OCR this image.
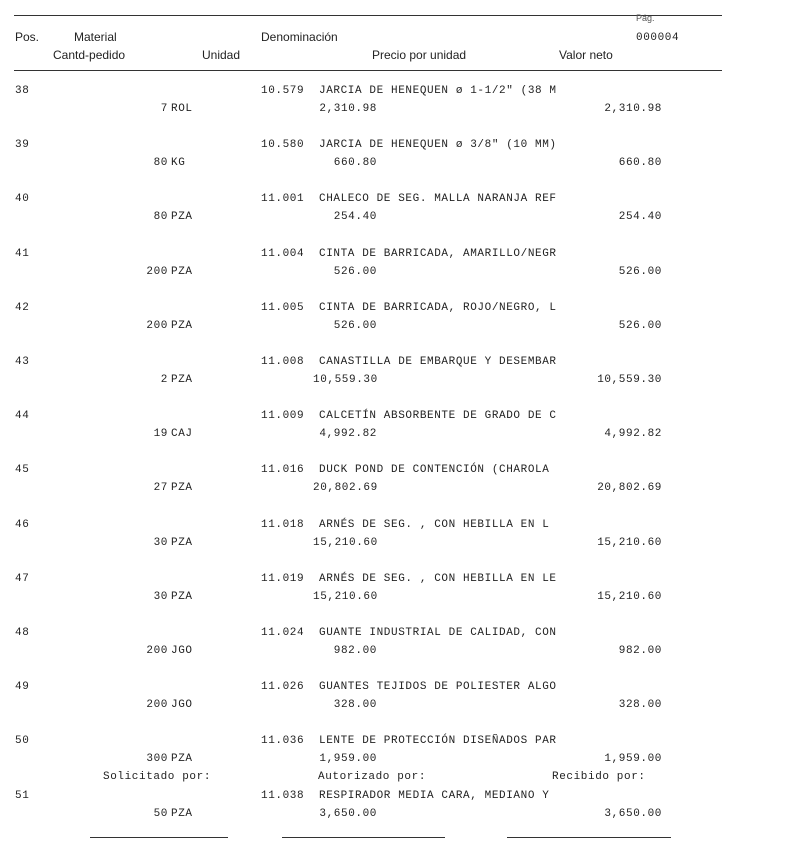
Pág.
000004
Pos.	Material	Denominación
Cantd-pedido	Unidad	Precio por unidad	Valor neto
38	10.579 JARCIA DE HENEQUEN ø 1-1/2" (38 M
7 ROL	2,310.98	2,310.98
39	10.580 JARCIA DE HENEQUEN ø 3/8" (10 MM)
80 KG	660.80	660.80
40	11.001 CHALECO DE SEG. MALLA NARANJA REF
80 PZA	254.40	254.40
41	11.004 CINTA DE BARRICADA, AMARILLO/NEGR
200 PZA	526.00	526.00
42	11.005 CINTA DE BARRICADA, ROJO/NEGRO, L
200 PZA	526.00	526.00
43	11.008 CANASTILLA DE EMBARQUE Y DESEMBAR
2 PZA	10,559.30	10,559.30
44	11.009 CALCETÍN ABSORBENTE DE GRADO DE C
19 CAJ	4,992.82	4,992.82
45	11.016 DUCK POND DE CONTENCIÓN (CHAROLA
27 PZA	20,802.69	20,802.69
46	11.018 ARNÉS DE SEG. , CON HEBILLA EN L
30 PZA	15,210.60	15,210.60
47	11.019 ARNÉS DE SEG. , CON HEBILLA EN LE
30 PZA	15,210.60	15,210.60
48	11.024 GUANTE INDUSTRIAL DE CALIDAD, CON
200 JGO	982.00	982.00
49	11.026 GUANTES TEJIDOS DE POLIESTER ALGO
200 JGO	328.00	328.00
50	11.036 LENTE DE PROTECCIÓN DISEÑADOS PAR
300 PZA	1,959.00	1,959.00
51	11.038 RESPIRADOR MEDIA CARA, MEDIANO Y
50 PZA	3,650.00	3,650.00
Solicitado por:	Autorizado por:	Recibido por:
